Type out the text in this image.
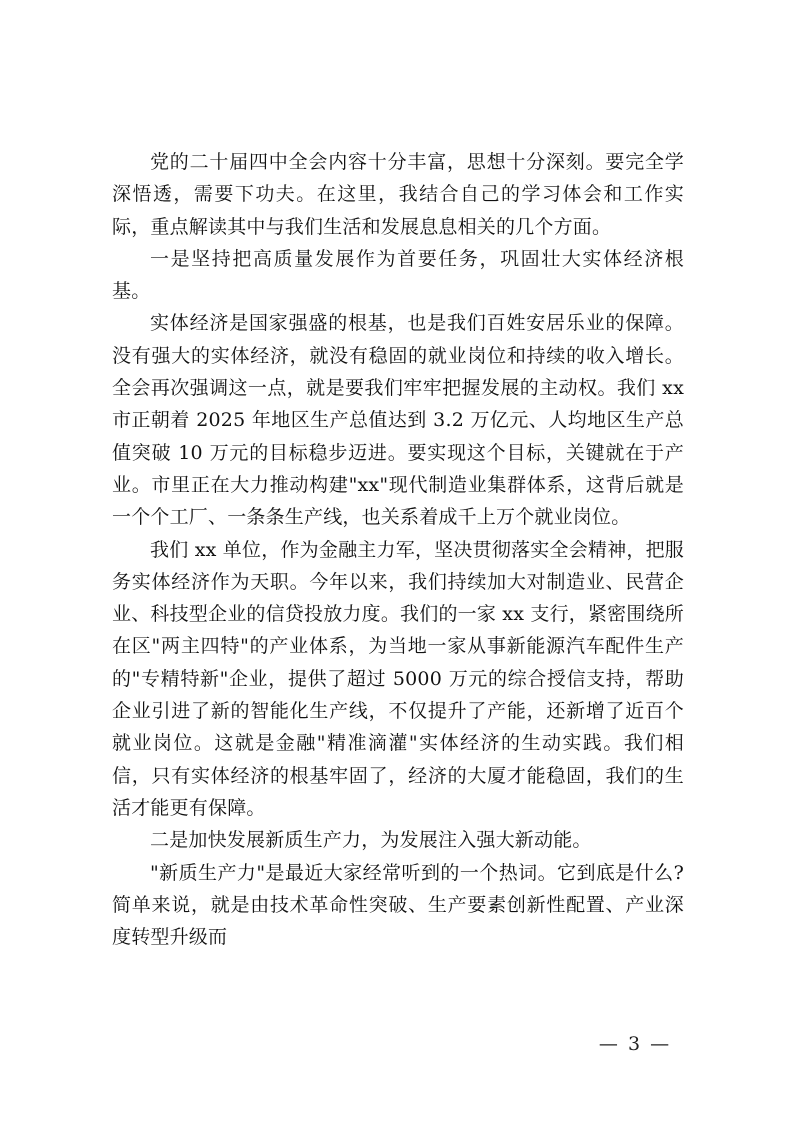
党的二十届四中全会内容十分丰富，思想十分深刻。要完全学深悟透，需要下功夫。在这里，我结合自己的学习体会和工作实际，重点解读其中与我们生活和发展息息相关的几个方面。

一是坚持把高质量发展作为首要任务，巩固壮大实体经济根基。

实体经济是国家强盛的根基，也是我们百姓安居乐业的保障。没有强大的实体经济，就没有稳固的就业岗位和持续的收入增长。全会再次强调这一点，就是要我们牢牢把握发展的主动权。我们 xx 市正朝着 2025 年地区生产总值达到 3.2 万亿元、人均地区生产总值突破 10 万元的目标稳步迈进。要实现这个目标，关键就在于产业。市里正在大力推动构建"xx"现代制造业集群体系，这背后就是一个个工厂、一条条生产线，也关系着成千上万个就业岗位。

我们 xx 单位，作为金融主力军，坚决贯彻落实全会精神，把服务实体经济作为天职。今年以来，我们持续加大对制造业、民营企业、科技型企业的信贷投放力度。我们的一家 xx 支行，紧密围绕所在区"两主四特"的产业体系，为当地一家从事新能源汽车配件生产的"专精特新"企业，提供了超过 5000 万元的综合授信支持，帮助企业引进了新的智能化生产线，不仅提升了产能，还新增了近百个就业岗位。这就是金融"精准滴灌"实体经济的生动实践。我们相信，只有实体经济的根基牢固了，经济的大厦才能稳固，我们的生活才能更有保障。

二是加快发展新质生产力，为发展注入强大新动能。

"新质生产力"是最近大家经常听到的一个热词。它到底是什么?简单来说，就是由技术革命性突破、生产要素创新性配置、产业深度转型升级而

— 3 —
